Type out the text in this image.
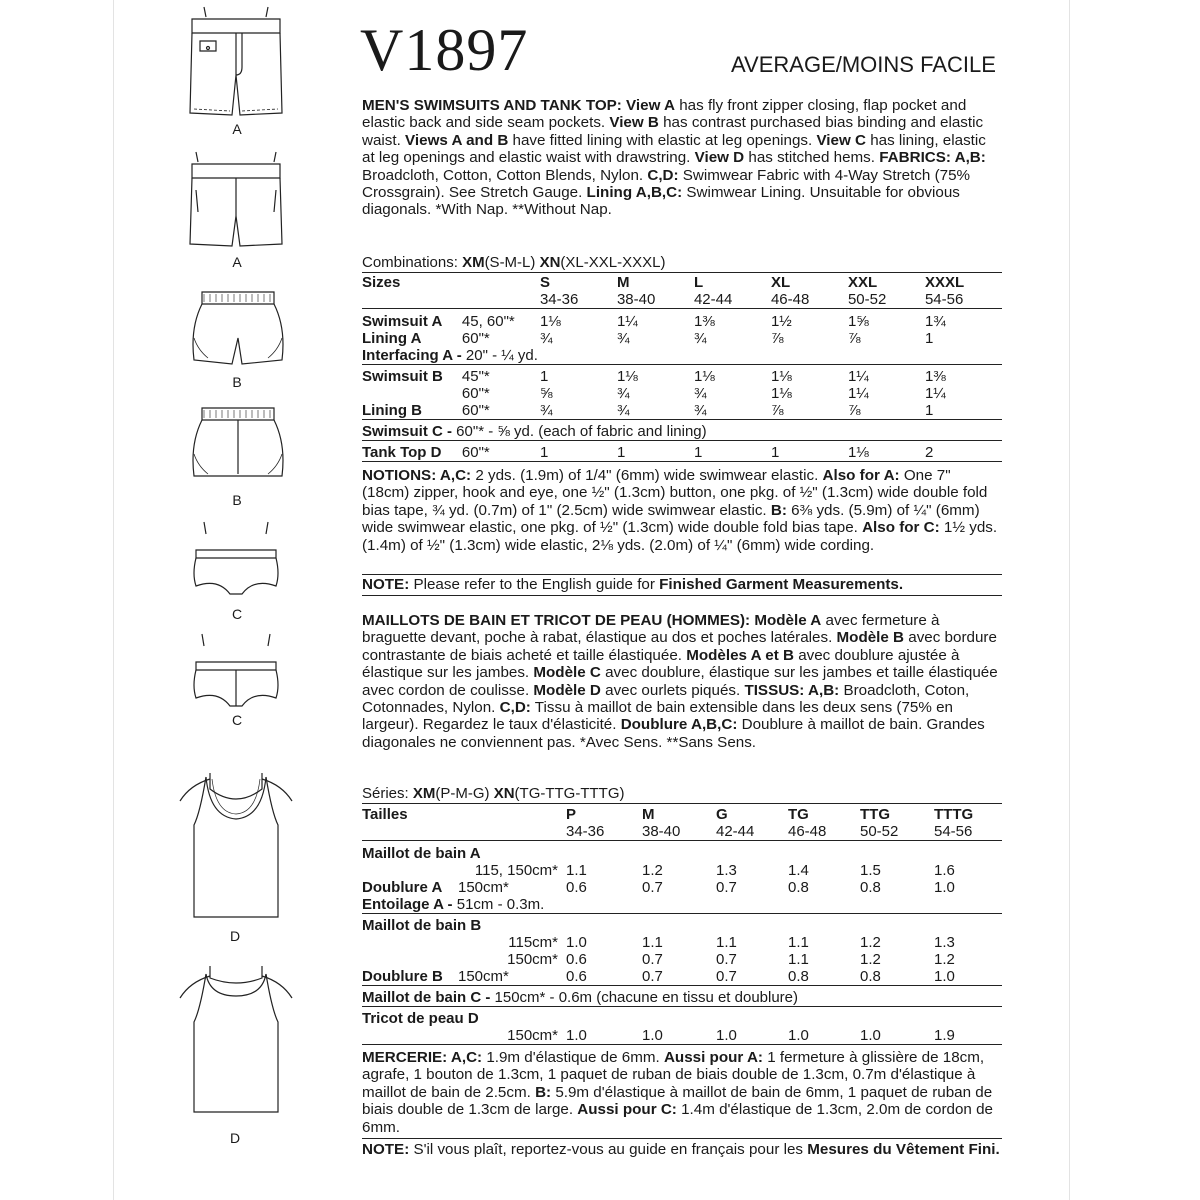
A
A
B
B
C
C
D
D
V1897	AVERAGE/MOINS FACILE
MEN'S SWIMSUITS AND TANK TOP: View A has fly front zipper closing, flap pocket and elastic back and side seam pockets. View B has contrast purchased bias binding and elastic waist. Views A and B have fitted lining with elastic at leg openings. View C has lining, elastic at leg openings and elastic waist with drawstring. View D has stitched hems. FABRICS: A,B: Broadcloth, Cotton, Cotton Blends, Nylon. C,D: Swimwear Fabric with 4-Way Stretch (75% Crossgrain). See Stretch Gauge. Lining A,B,C: Swimwear Lining. Unsuitable for obvious diagonals. *With Nap. **Without Nap.
Combinations: XM(S-M-L) XN(XL-XXL-XXXL)
Sizes		S	M	L	XL	XXL	XXXL
		34-36	38-40	42-44	46-48	50-52	54-56
Swimsuit A	45, 60"*	1⅛	1¼	1⅜	1½	1⅝	1¾
Lining A	60"*	¾	¾	¾	⅞	⅞	1
Interfacing A - 20" - ¼ yd.							
Swimsuit B	45"*	1	1⅛	1⅛	1⅛	1¼	1⅜
	60"*	⅝	¾	¾	1⅛	1¼	1¼
Lining B	60"*	¾	¾	¾	⅞	⅞	1
Swimsuit C - 60"* - ⅝ yd. (each of fabric and lining)							
Tank Top D	60"*	1	1	1	1	1⅛	2
NOTIONS: A,C: 2 yds. (1.9m) of 1/4" (6mm) wide swimwear elastic. Also for A: One 7" (18cm) zipper, hook and eye, one ½" (1.3cm) button, one pkg. of ½" (1.3cm) wide double fold bias tape, ¾ yd. (0.7m) of 1" (2.5cm) wide swimwear elastic. B: 6⅜ yds. (5.9m) of ¼" (6mm) wide swimwear elastic, one pkg. of ½" (1.3cm) wide double fold bias tape. Also for C: 1½ yds. (1.4m) of ½" (1.3cm) wide elastic, 2⅛ yds. (2.0m) of ¼" (6mm) wide cording.
NOTE: Please refer to the English guide for Finished Garment Measurements.
MAILLOTS DE BAIN ET TRICOT DE PEAU (HOMMES): Modèle A avec fermeture à braguette devant, poche à rabat, élastique au dos et poches latérales. Modèle B avec bordure contrastante de biais acheté et taille élastiquée. Modèles A et B avec doublure ajustée à élastique sur les jambes. Modèle C avec doublure, élastique sur les jambes et taille élastiquée avec cordon de coulisse. Modèle D avec ourlets piqués. TISSUS: A,B: Broadcloth, Coton, Cotonnades, Nylon. C,D: Tissu à maillot de bain extensible dans les deux sens (75% en largeur). Regardez le taux d'élasticité. Doublure A,B,C: Doublure à maillot de bain. Grandes diagonales ne conviennent pas. *Avec Sens. **Sans Sens.
Séries: XM(P-M-G) XN(TG-TTG-TTTG)
Tailles		P	M	G	TG	TTG	TTTG
		34-36	38-40	42-44	46-48	50-52	54-56
Maillot de bain A							
	115, 150cm*	1.1	1.2	1.3	1.4	1.5	1.6
Doublure A	150cm*	0.6	0.7	0.7	0.8	0.8	1.0
Entoilage A - 51cm - 0.3m.							
Maillot de bain B							
	115cm*	1.0	1.1	1.1	1.1	1.2	1.3
	150cm*	0.6	0.7	0.7	1.1	1.2	1.2
Doublure B	150cm*	0.6	0.7	0.7	0.8	0.8	1.0
Maillot de bain C - 150cm* - 0.6m (chacune en tissu et doublure)							
Tricot de peau D							
	150cm*	1.0	1.0	1.0	1.0	1.0	1.9
MERCERIE: A,C: 1.9m d'élastique de 6mm. Aussi pour A: 1 fermeture à glissière de 18cm, agrafe, 1 bouton de 1.3cm, 1 paquet de ruban de biais double de 1.3cm, 0.7m d'élastique à maillot de bain de 2.5cm. B: 5.9m d'élastique à maillot de bain de 6mm, 1 paquet de ruban de biais double de 1.3cm de large. Aussi pour C: 1.4m d'élastique de 1.3cm, 2.0m de cordon de 6mm.
NOTE: S'il vous plaît, reportez-vous au guide en français pour les Mesures du Vêtement Fini.
